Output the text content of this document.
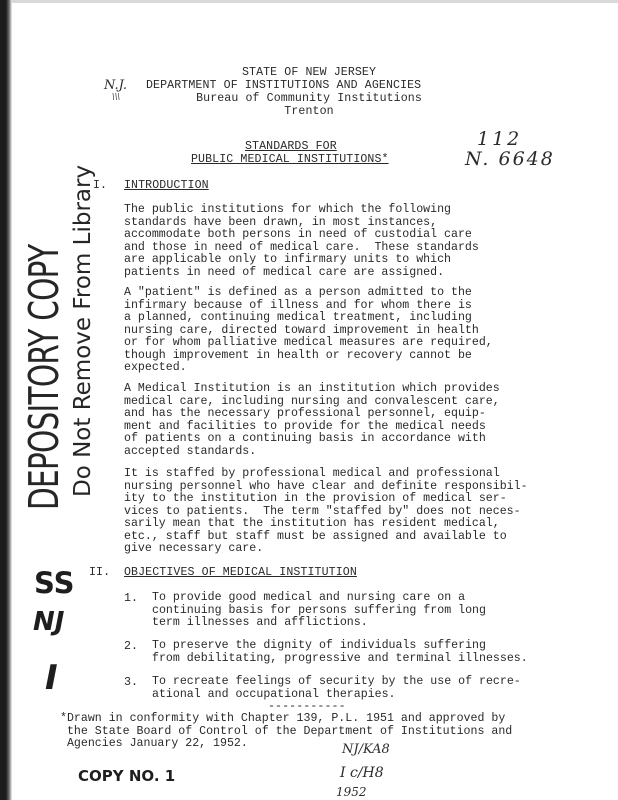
STATE OF NEW JERSEY
DEPARTMENT OF INSTITUTIONS AND AGENCIES
N.J.
\\\	Bureau of Community Institutions
Trenton
STANDARDS FOR
PUBLIC MEDICAL INSTITUTIONS*
112
N. 6648
I. INTRODUCTION
The public institutions for which the following
standards have been drawn, in most instances,
accommodate both persons in need of custodial care
and those in need of medical care.  These standards
are applicable only to infirmary units to which
patients in need of medical care are assigned.
A "patient" is defined as a person admitted to the
infirmary because of illness and for whom there is
a planned, continuing medical treatment, including
nursing care, directed toward improvement in health
or for whom palliative medical measures are required,
though improvement in health or recovery cannot be
expected.
A Medical Institution is an institution which provides
medical care, including nursing and convalescent care,
and has the necessary professional personnel, equip-
ment and facilities to provide for the medical needs
of patients on a continuing basis in accordance with
accepted standards.
It is staffed by professional medical and professional
nursing personnel who have clear and definite responsibil-
ity to the institution in the provision of medical ser-
vices to patients.  The term "staffed by" does not neces-
sarily mean that the institution has resident medical,
etc., staff but staff must be assigned and available to
give necessary care.
II. OBJECTIVES OF MEDICAL INSTITUTION
1. To provide good medical and nursing care on a
continuing basis for persons suffering from long
term illnesses and afflictions.
2. To preserve the dignity of individuals suffering
from debilitating, progressive and terminal illnesses.
3. To recreate feelings of security by the use of recre-
ational and occupational therapies.
-----------
*Drawn in conformity with Chapter 139, P.L. 1951 and approved by
the State Board of Control of the Department of Institutions and
Agencies January 22, 1952.
DEPOSITORY COPY Do Not Remove From Library
SS
NJ
I
COPY NO. 1
NJ/KA8
I c/H8
1952
